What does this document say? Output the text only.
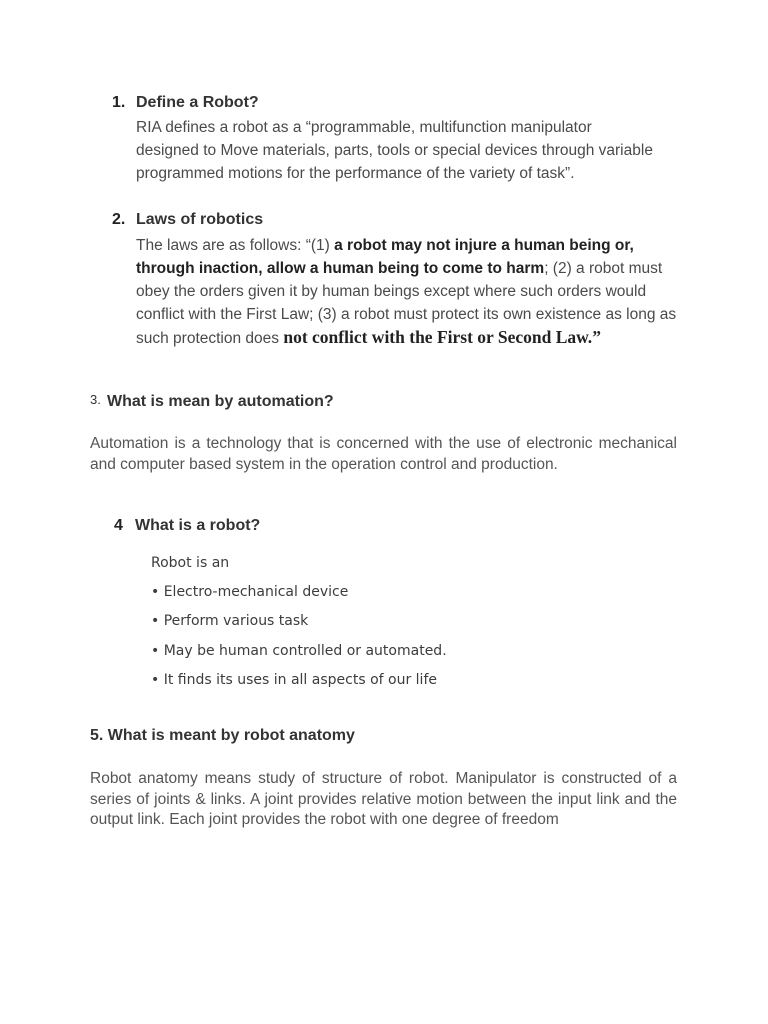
1. Define a Robot?
RIA defines a robot as a “programmable, multifunction manipulator designed to Move materials, parts, tools or special devices through variable programmed motions for the performance of the variety of task”.
2. Laws of robotics
The laws are as follows: “(1) a robot may not injure a human being or, through inaction, allow a human being to come to harm; (2) a robot must obey the orders given it by human beings except where such orders would conflict with the First Law; (3) a robot must protect its own existence as long as such protection does not conflict with the First or Second Law.”
3. What is mean by automation?
Automation is a technology that is concerned with the use of electronic mechanical and computer based system in the operation control and production.
4 What is a robot?
Robot is an
• Electro-mechanical device
• Perform various task
• May be human controlled or automated.
• It finds its uses in all aspects of our life
5. What is meant by robot anatomy
Robot anatomy means study of structure of robot. Manipulator is constructed of a series of joints & links. A joint provides relative motion between the input link and the output link. Each joint provides the robot with one degree of freedom
